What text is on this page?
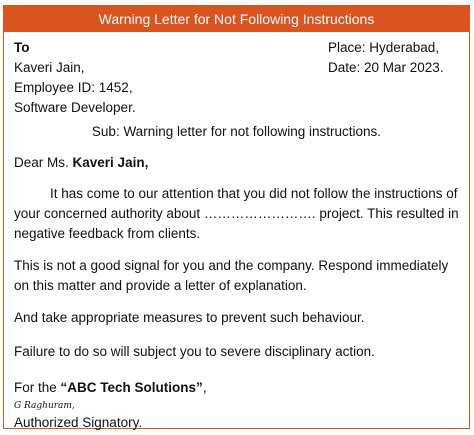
Warning Letter for Not Following Instructions
To
Kaveri Jain,
Employee ID: 1452,
Software Developer.
Place: Hyderabad,
Date: 20 Mar 2023.
Sub: Warning letter for not following instructions.
Dear Ms. Kaveri Jain,
It has come to our attention that you did not follow the instructions of
your concerned authority about ……………………. project. This resulted in
negative feedback from clients.
This is not a good signal for you and the company. Respond immediately
on this matter and provide a letter of explanation.
And take appropriate measures to prevent such behaviour.
Failure to do so will subject you to severe disciplinary action.
For the “ABC Tech Solutions”,
G Raghuram,
Authorized Signatory.
